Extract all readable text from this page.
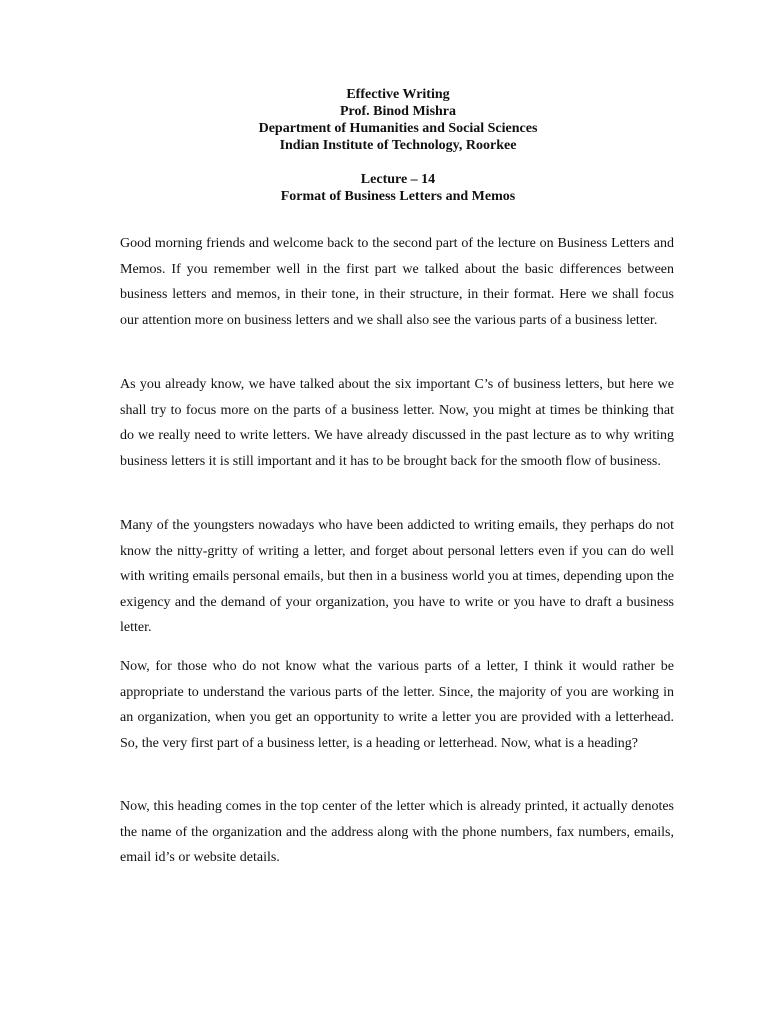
Effective Writing
Prof. Binod Mishra
Department of Humanities and Social Sciences
Indian Institute of Technology, Roorkee
Lecture – 14
Format of Business Letters and Memos

Good morning friends and welcome back to the second part of the lecture on Business Letters and Memos. If you remember well in the first part we talked about the basic differences between business letters and memos, in their tone, in their structure, in their format. Here we shall focus our attention more on business letters and we shall also see the various parts of a business letter.

As you already know, we have talked about the six important C’s of business letters, but here we shall try to focus more on the parts of a business letter. Now, you might at times be thinking that do we really need to write letters. We have already discussed in the past lecture as to why writing business letters it is still important and it has to be brought back for the smooth flow of business.

Many of the youngsters nowadays who have been addicted to writing emails, they perhaps do not know the nitty-gritty of writing a letter, and forget about personal letters even if you can do well with writing emails personal emails, but then in a business world you at times, depending upon the exigency and the demand of your organization, you have to write or you have to draft a business letter.

Now, for those who do not know what the various parts of a letter, I think it would rather be appropriate to understand the various parts of the letter. Since, the majority of you are working in an organization, when you get an opportunity to write a letter you are provided with a letterhead. So, the very first part of a business letter, is a heading or letterhead. Now, what is a heading?

Now, this heading comes in the top center of the letter which is already printed, it actually denotes the name of the organization and the address along with the phone numbers, fax numbers, emails, email id’s or website details.
